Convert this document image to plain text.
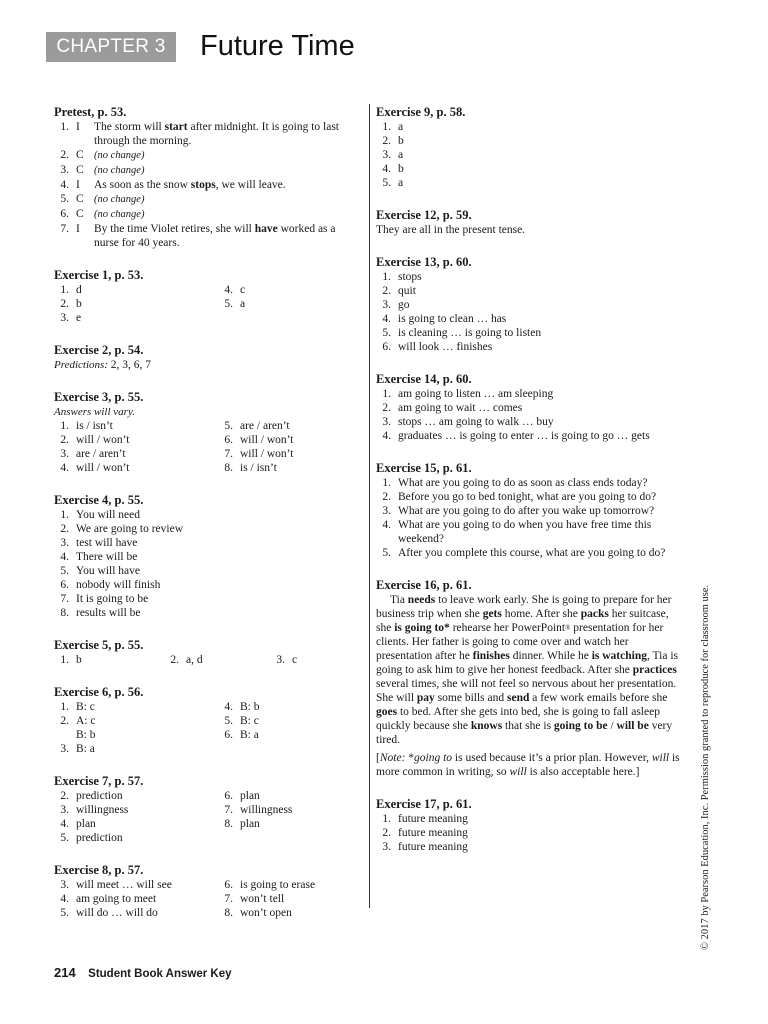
CHAPTER 3	Future Time
Pretest, p. 53.
1. I The storm will start after midnight. It is going to last through the morning.
2. C (no change)
3. C (no change)
4. I As soon as the snow stops, we will leave.
5. C (no change)
6. C (no change)
7. I By the time Violet retires, she will have worked as a nurse for 40 years.
Exercise 1, p. 53.
1. d
2. b
3. e
4. c
5. a
Exercise 2, p. 54.
Predictions: 2, 3, 6, 7
Exercise 3, p. 55.
Answers will vary.
1. is / isn’t
2. will / won’t
3. are / aren’t
4. will / won’t
5. are / aren’t
6. will / won’t
7. will / won’t
8. is / isn’t
Exercise 4, p. 55.
1. You will need
2. We are going to review
3. test will have
4. There will be
5. You will have
6. nobody will finish
7. It is going to be
8. results will be
Exercise 5, p. 55.
1. b	2. a, d	3. c
Exercise 6, p. 56.
1. B: c
2. A: c
B: b
3. B: a
4. B: b
5. B: c
6. B: a
Exercise 7, p. 57.
2. prediction
3. willingness
4. plan
5. prediction
6. plan
7. willingness
8. plan
Exercise 8, p. 57.
3. will meet … will see
4. am going to meet
5. will do … will do
6. is going to erase
7. won’t tell
8. won’t open
Exercise 9, p. 58.
1. a
2. b
3. a
4. b
5. a
Exercise 12, p. 59.
They are all in the present tense.
Exercise 13, p. 60.
1. stops
2. quit
3. go
4. is going to clean … has
5. is cleaning … is going to listen
6. will look … finishes
Exercise 14, p. 60.
1. am going to listen … am sleeping
2. am going to wait … comes
3. stops … am going to walk … buy
4. graduates … is going to enter … is going to go … gets
Exercise 15, p. 61.
1. What are you going to do as soon as class ends today?
2. Before you go to bed tonight, what are you going to do?
3. What are you going to do after you wake up tomorrow?
4. What are you going to do when you have free time this weekend?
5. After you complete this course, what are you going to do?
Exercise 16, p. 61.
Tia needs to leave work early. She is going to prepare for her business trip when she gets home. After she packs her suitcase, she is going to* rehearse her PowerPoint® presentation for her clients. Her father is going to come over and watch her presentation after he finishes dinner. While he is watching, Tia is going to ask him to give her honest feedback. After she practices several times, she will not feel so nervous about her presentation. She will pay some bills and send a few work emails before she goes to bed. After she gets into bed, she is going to fall asleep quickly because she knows that she is going to be / will be very tired.
[Note: *going to is used because it’s a prior plan. However, will is more common in writing, so will is also acceptable here.]
Exercise 17, p. 61.
1. future meaning
2. future meaning
3. future meaning	© 2017 by Pearson Education, Inc. Permission granted to reproduce for classroom use.
214 Student Book Answer Key
